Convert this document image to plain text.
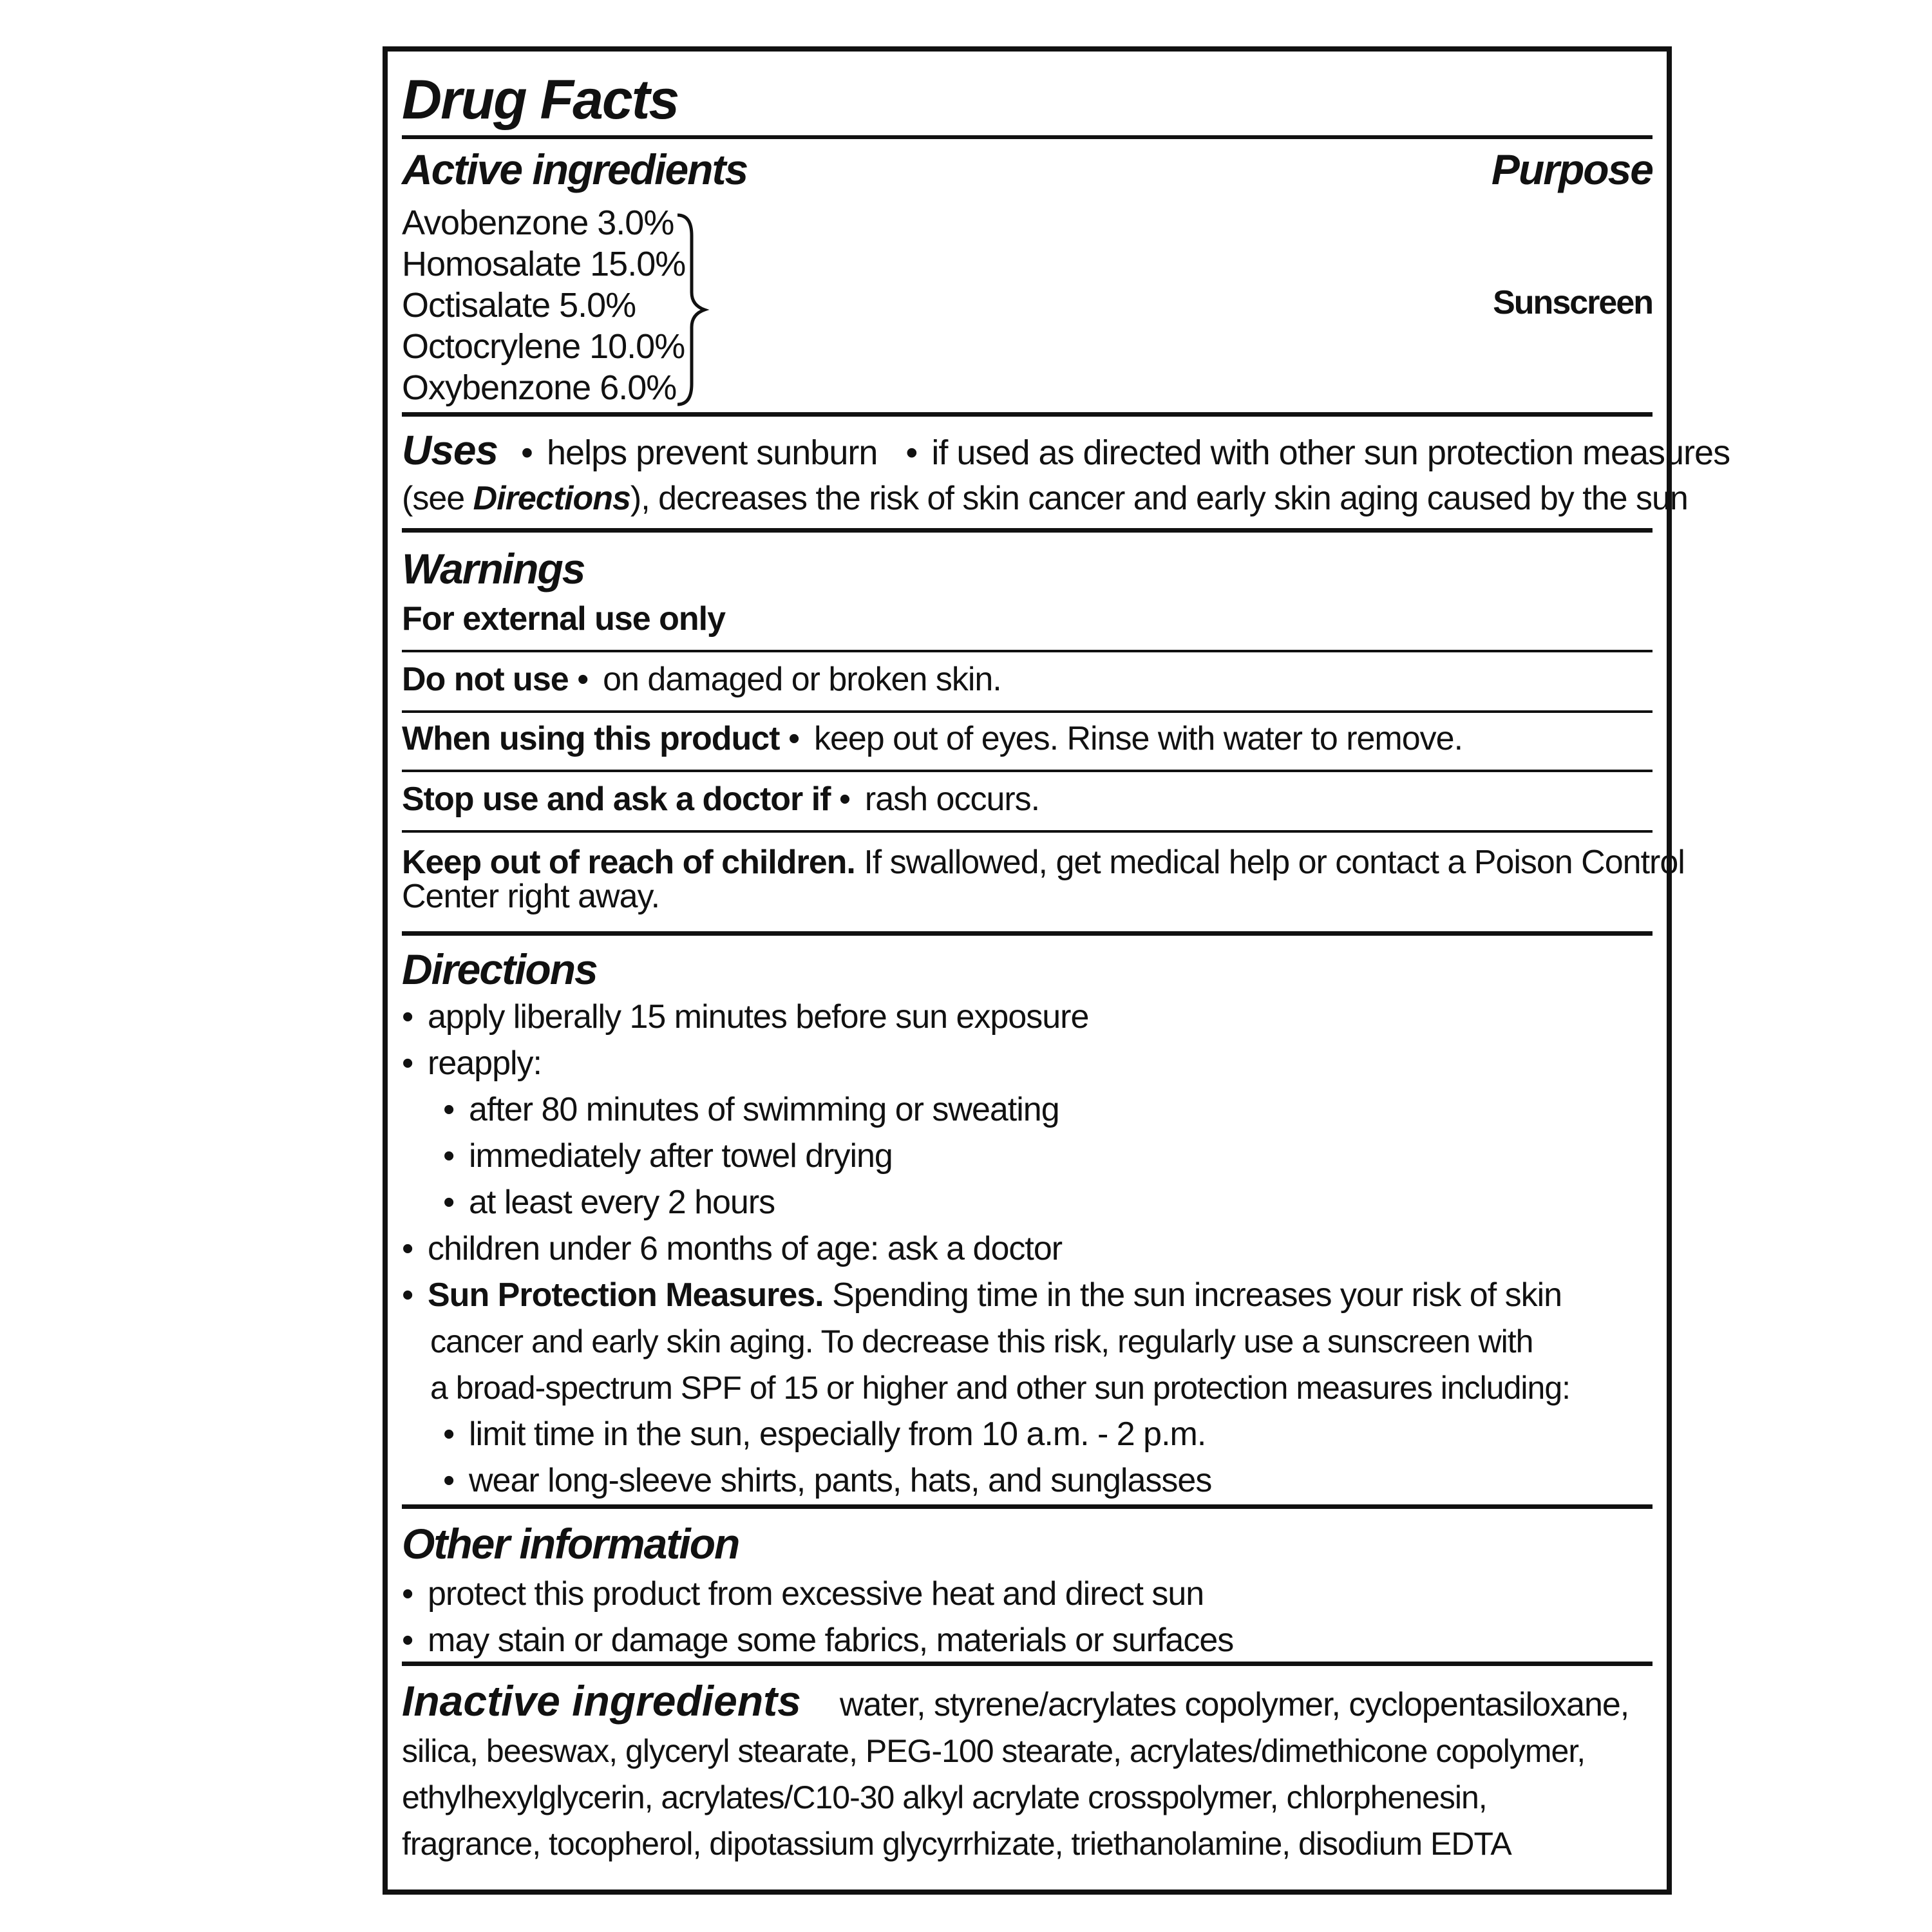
Drug Facts
Active ingredients	Purpose
Avobenzone 3.0%
Homosalate 15.0%
Octisalate 5.0%
Octocrylene 10.0%
Oxybenzone 6.0%
Sunscreen
Uses • helps prevent sunburn • if used as directed with other sun protection measures
(see Directions), decreases the risk of skin cancer and early skin aging caused by the sun
Warnings
For external use only
Do not use • on damaged or broken skin.
When using this product • keep out of eyes. Rinse with water to remove.
Stop use and ask a doctor if • rash occurs.
Keep out of reach of children. If swallowed, get medical help or contact a Poison Control
Center right away.
Directions
• apply liberally 15 minutes before sun exposure
• reapply:
• after 80 minutes of swimming or sweating
• immediately after towel drying
• at least every 2 hours
• children under 6 months of age: ask a doctor
• Sun Protection Measures. Spending time in the sun increases your risk of skin
cancer and early skin aging. To decrease this risk, regularly use a sunscreen with
a broad-spectrum SPF of 15 or higher and other sun protection measures including:
• limit time in the sun, especially from 10 a.m. - 2 p.m.
• wear long-sleeve shirts, pants, hats, and sunglasses
Other information
• protect this product from excessive heat and direct sun
• may stain or damage some fabrics, materials or surfaces
Inactive ingredients water, styrene/acrylates copolymer, cyclopentasiloxane,
silica, beeswax, glyceryl stearate, PEG-100 stearate, acrylates/dimethicone copolymer,
ethylhexylglycerin, acrylates/C10-30 alkyl acrylate crosspolymer, chlorphenesin,
fragrance, tocopherol, dipotassium glycyrrhizate, triethanolamine, disodium EDTA
